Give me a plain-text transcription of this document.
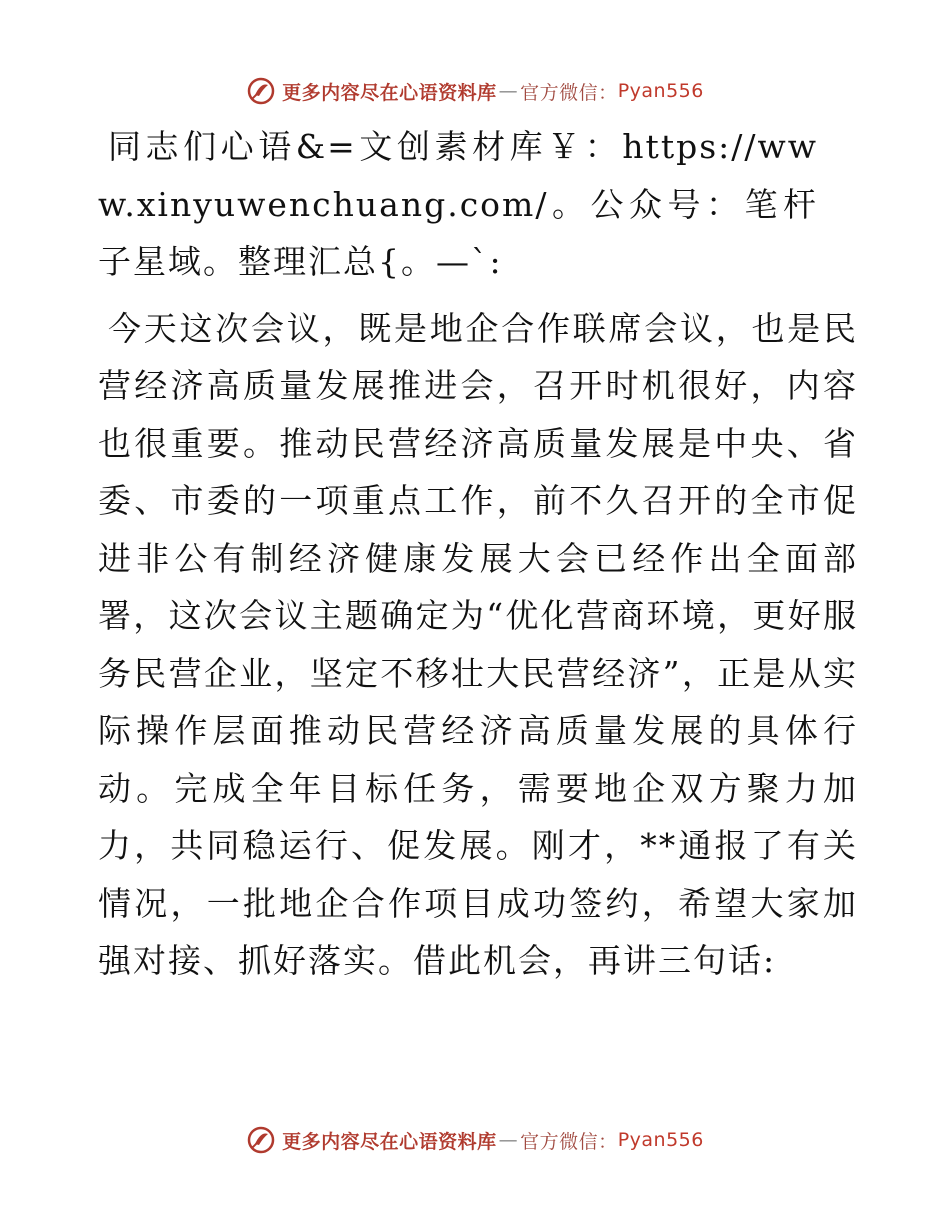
更多内容尽在心语资料库 — 官方微信： Pyan556

同志们心语&=文创素材库￥：https://www.xinyuwenchuang.com/。公众号：笔杆子星域。整理汇总{。—`:

今天这次会议，既是地企合作联席会议，也是民营经济高质量发展推进会，召开时机很好，内容也很重要。推动民营经济高质量发展是中央、省委、市委的一项重点工作，前不久召开的全市促进非公有制经济健康发展大会已经作出全面部署，这次会议主题确定为“优化营商环境，更好服务民营企业，坚定不移壮大民营经济”，正是从实际操作层面推动民营经济高质量发展的具体行动。完成全年目标任务，需要地企双方聚力加力，共同稳运行、促发展。刚才，**通报了有关情况，一批地企合作项目成功签约，希望大家加强对接、抓好落实。借此机会，再讲三句话:

更多内容尽在心语资料库 — 官方微信： Pyan556
